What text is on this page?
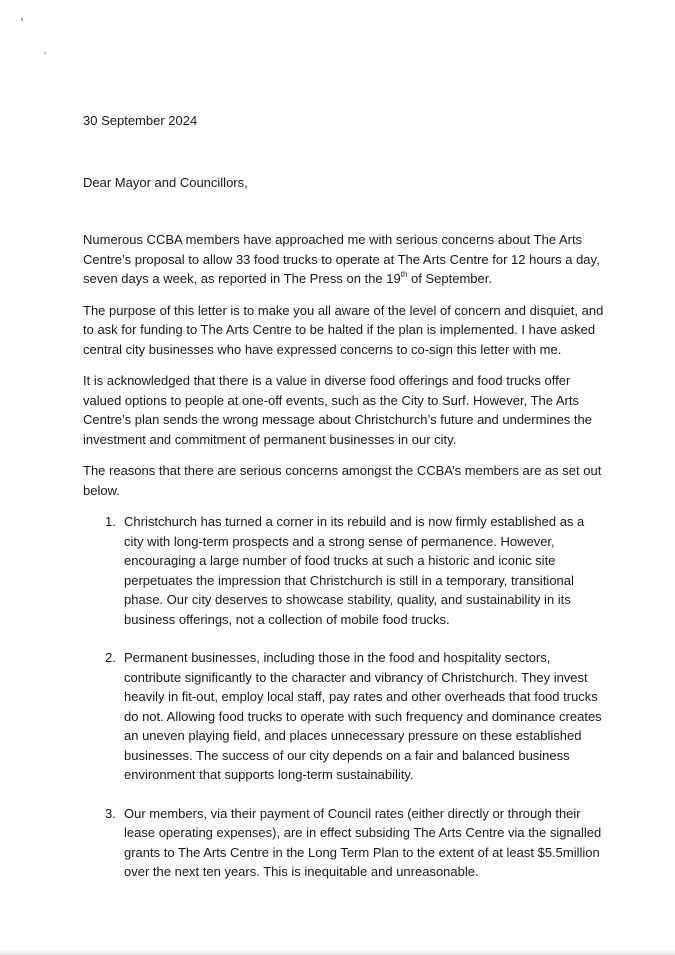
30 September 2024

Dear Mayor and Councillors,

Numerous CCBA members have approached me with serious concerns about The Arts Centre’s proposal to allow 33 food trucks to operate at The Arts Centre for 12 hours a day, seven days a week, as reported in The Press on the 19th of September.

The purpose of this letter is to make you all aware of the level of concern and disquiet, and to ask for funding to The Arts Centre to be halted if the plan is implemented. I have asked central city businesses who have expressed concerns to co-sign this letter with me.

It is acknowledged that there is a value in diverse food offerings and food trucks offer valued options to people at one-off events, such as the City to Surf. However, The Arts Centre’s plan sends the wrong message about Christchurch’s future and undermines the investment and commitment of permanent businesses in our city.

The reasons that there are serious concerns amongst the CCBA’s members are as set out below.

1. Christchurch has turned a corner in its rebuild and is now firmly established as a city with long-term prospects and a strong sense of permanence. However, encouraging a large number of food trucks at such a historic and iconic site perpetuates the impression that Christchurch is still in a temporary, transitional phase. Our city deserves to showcase stability, quality, and sustainability in its business offerings, not a collection of mobile food trucks.
2. Permanent businesses, including those in the food and hospitality sectors, contribute significantly to the character and vibrancy of Christchurch. They invest heavily in fit-out, employ local staff, pay rates and other overheads that food trucks do not. Allowing food trucks to operate with such frequency and dominance creates an uneven playing field, and places unnecessary pressure on these established businesses. The success of our city depends on a fair and balanced business environment that supports long-term sustainability.
3. Our members, via their payment of Council rates (either directly or through their lease operating expenses), are in effect subsiding The Arts Centre via the signalled grants to The Arts Centre in the Long Term Plan to the extent of at least $5.5million over the next ten years. This is inequitable and unreasonable.
